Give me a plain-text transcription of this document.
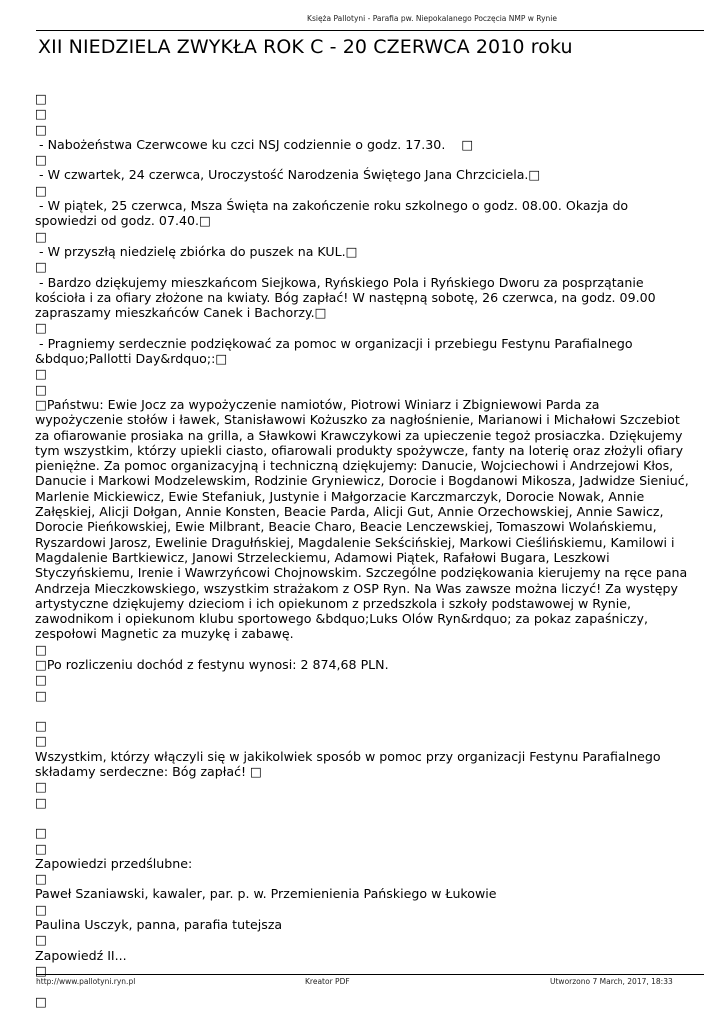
Księża Pallotyni - Parafia pw. Niepokalanego Poczęcia NMP w Rynie
XII NIEDZIELA ZWYKŁA ROK C - 20 CZERWCA 2010 roku

□

□

□

- Nabożeństwa Czerwcowe ku czci NSJ codziennie o godz. 17.30.    □

□

- W czwartek, 24 czerwca, Uroczystość Narodzenia Świętego Jana Chrzciciela.□

□

- W piątek, 25 czerwca, Msza Święta na zakończenie roku szkolnego o godz. 08.00. Okazja do spowiedzi od godz. 07.40.□

□

- W przyszłą niedzielę zbiórka do puszek na KUL.□

□

- Bardzo dziękujemy mieszkańcom Siejkowa, Ryńskiego Pola i Ryńskiego Dworu za posprzątanie kościoła i za ofiary złożone na kwiaty. Bóg zapłać! W następną sobotę, 26 czerwca, na godz. 09.00 zapraszamy mieszkańców Canek i Bachorzy.□

□

- Pragniemy serdecznie podziękować za pomoc w organizacji i przebiegu Festynu Parafialnego &bdquo;Pallotti Day&rdquo;:□

□

□

□Państwu: Ewie Jocz za wypożyczenie namiotów, Piotrowi Winiarz i Zbigniewowi Parda za wypożyczenie stołów i ławek, Stanisławowi Kożuszko za nagłośnienie, Marianowi i Michałowi Szczebiot za ofiarowanie prosiaka na grilla, a Sławkowi Krawczykowi za upieczenie tegoż prosiaczka. Dziękujemy tym wszystkim, którzy upiekli ciasto, ofiarowali produkty spożywcze, fanty na loterię oraz złożyli ofiary pieniężne. Za pomoc organizacyjną i techniczną dziękujemy: Danucie, Wojciechowi i Andrzejowi Kłos, Danucie i Markowi Modzelewskim, Rodzinie Gryniewicz, Dorocie i Bogdanowi Mikosza, Jadwidze Sieniuć, Marlenie Mickiewicz, Ewie Stefaniuk, Justynie i Małgorzacie Karczmarczyk, Dorocie Nowak, Annie Załęskiej, Alicji Dołgan, Annie Konsten, Beacie Parda, Alicji Gut, Annie Orzechowskiej, Annie Sawicz, Dorocie Pieńkowskiej, Ewie Milbrant, Beacie Charo, Beacie Lenczewskiej, Tomaszowi Wolańskiemu, Ryszardowi Jarosz, Ewelinie Dragułńskiej, Magdalenie Sekścińskiej, Markowi Cieślińskiemu, Kamilowi i Magdalenie Bartkiewicz, Janowi Strzeleckiemu, Adamowi Piątek, Rafałowi Bugara, Leszkowi Styczyńskiemu, Irenie i Wawrzyńcowi Chojnowskim. Szczególne podziękowania kierujemy na ręce pana Andrzeja Mieczkowskiego, wszystkim strażakom z OSP Ryn. Na Was zawsze można liczyć! Za występy artystyczne dziękujemy dzieciom i ich opiekunom z przedszkola i szkoły podstawowej w Rynie, zawodnikom i opiekunom klubu sportowego &bdquo;Luks Olów Ryn&rdquo; za pokaz zapaśniczy, zespołowi Magnetic za muzykę i zabawę.

□

□Po rozliczeniu dochód z festynu wynosi: 2 874,68 PLN.

□

□

□

□

Wszystkim, którzy włączyli się w jakikolwiek sposób w pomoc przy organizacji Festynu Parafialnego składamy serdeczne: Bóg zapłać! □

□

□

□

□

Zapowiedzi przedślubne:

□

Paweł Szaniawski, kawaler, par. p. w. Przemienienia Pańskiego w Łukowie

□

Paulina Usczyk, panna, parafia tutejsza

□

Zapowiedź II...

□

□

http://www.pallotyni.ryn.pl	Kreator PDF	Utworzono 7 March, 2017, 18:33
